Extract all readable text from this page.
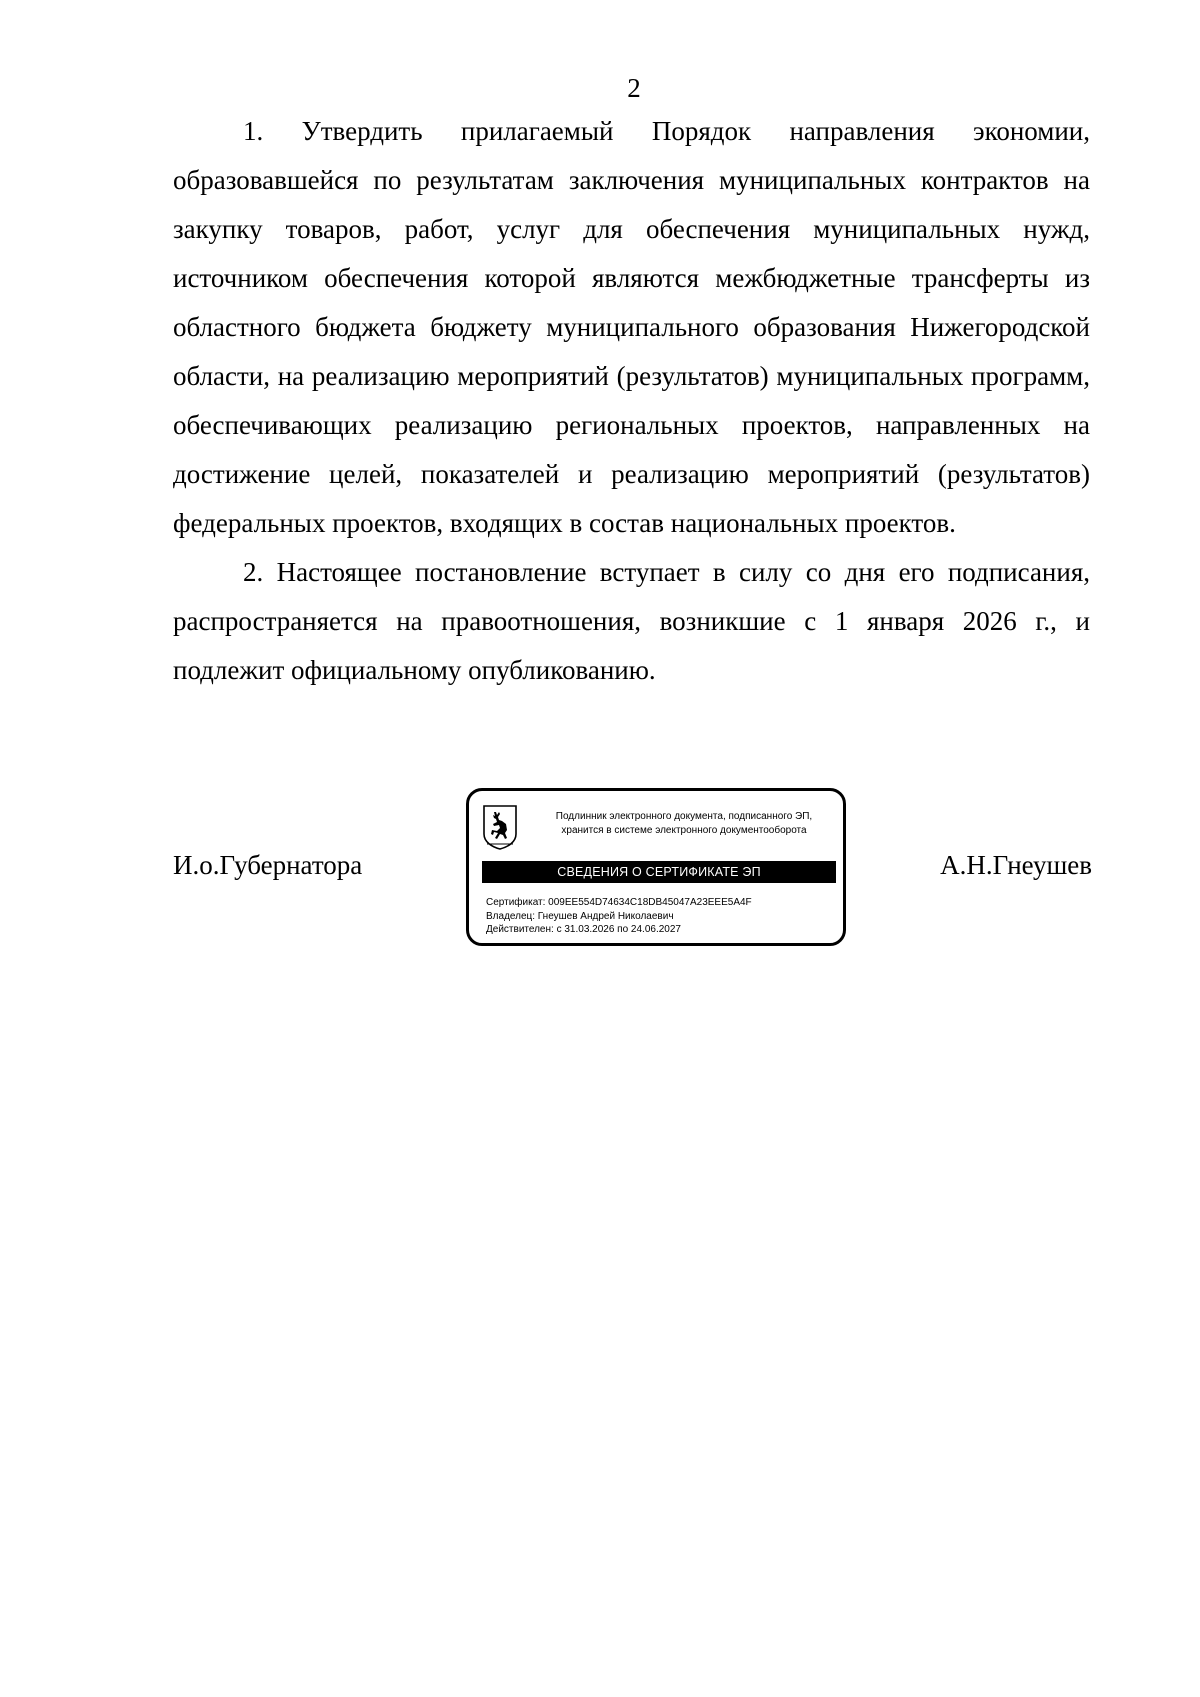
2

1. Утвердить прилагаемый Порядок направления экономии, образовавшейся по результатам заключения муниципальных контрактов на закупку товаров, работ, услуг для обеспечения муниципальных нужд, источником обеспечения которой являются межбюджетные трансферты из областного бюджета бюджету муниципального образования Нижегородской области, на реализацию мероприятий (результатов) муниципальных программ, обеспечивающих реализацию региональных проектов, направленных на достижение целей, показателей и реализацию мероприятий (результатов) федеральных проектов, входящих в состав национальных проектов.

2. Настоящее постановление вступает в силу со дня его подписания, распространяется на правоотношения, возникшие с 1 января 2026 г., и подлежит официальному опубликованию.

И.о.Губернатора
Подлинник электронного документа, подписанного ЭП,
хранится в системе электронного документооборота
СВЕДЕНИЯ О СЕРТИФИКАТЕ ЭП
Сертификат: 009EE554D74634C18DB45047A23EEE5A4F
Владелец: Гнеушев Андрей Николаевич
Действителен: с 31.03.2026 по 24.06.2027
А.Н.Гнеушев
